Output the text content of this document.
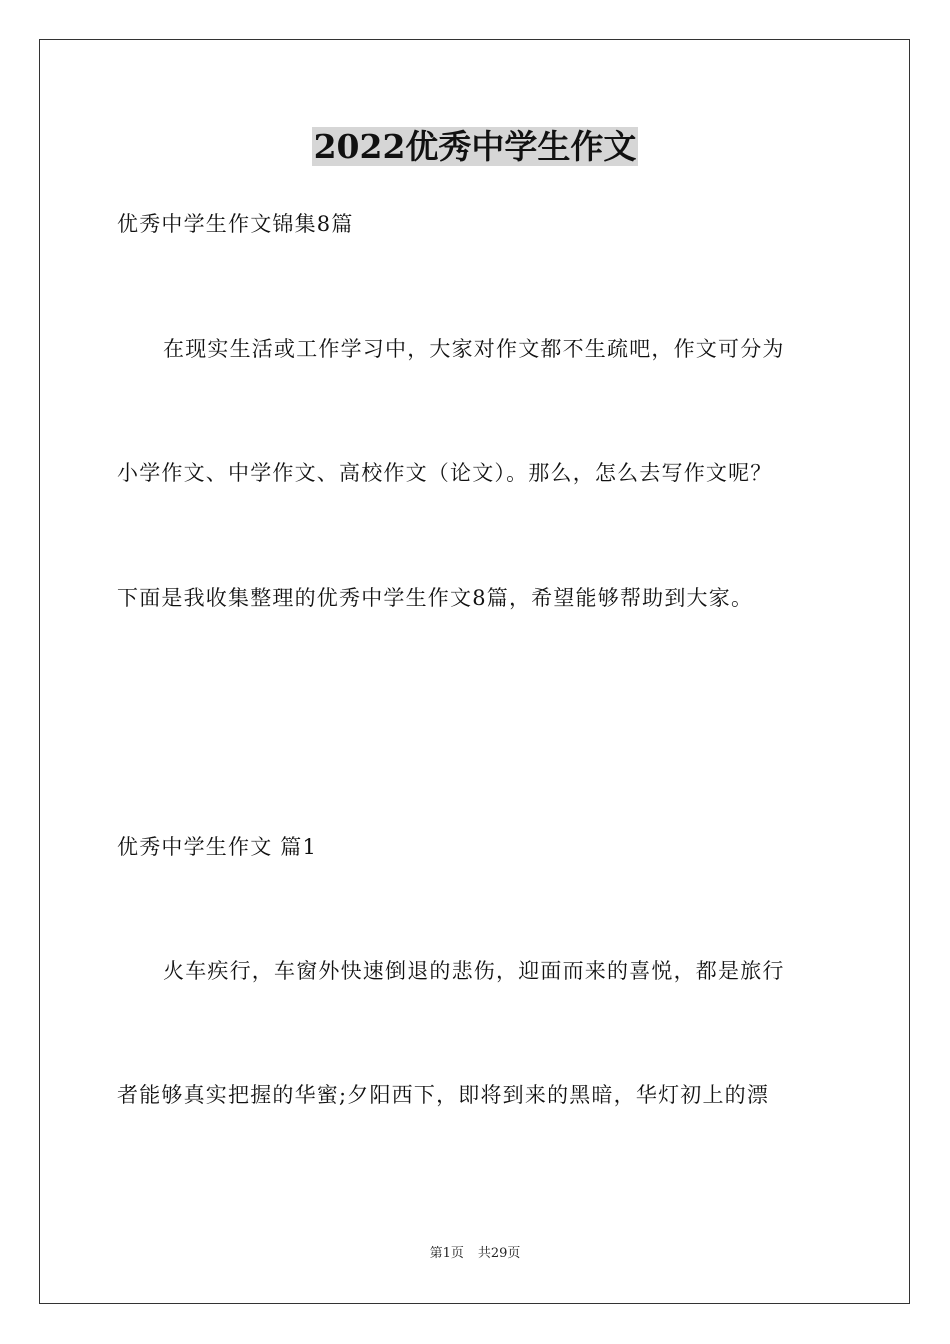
2022优秀中学生作文
优秀中学生作文锦集8篇
在现实生活或工作学习中，大家对作文都不生疏吧，作文可分为
小学作文、中学作文、高校作文（论文）。那么，怎么去写作文呢？
下面是我收集整理的优秀中学生作文8篇，希望能够帮助到大家。
优秀中学生作文 篇1
火车疾行，车窗外快速倒退的悲伤，迎面而来的喜悦，都是旅行
者能够真实把握的华蜜;夕阳西下，即将到来的黑暗，华灯初上的漂
第1页 共29页
